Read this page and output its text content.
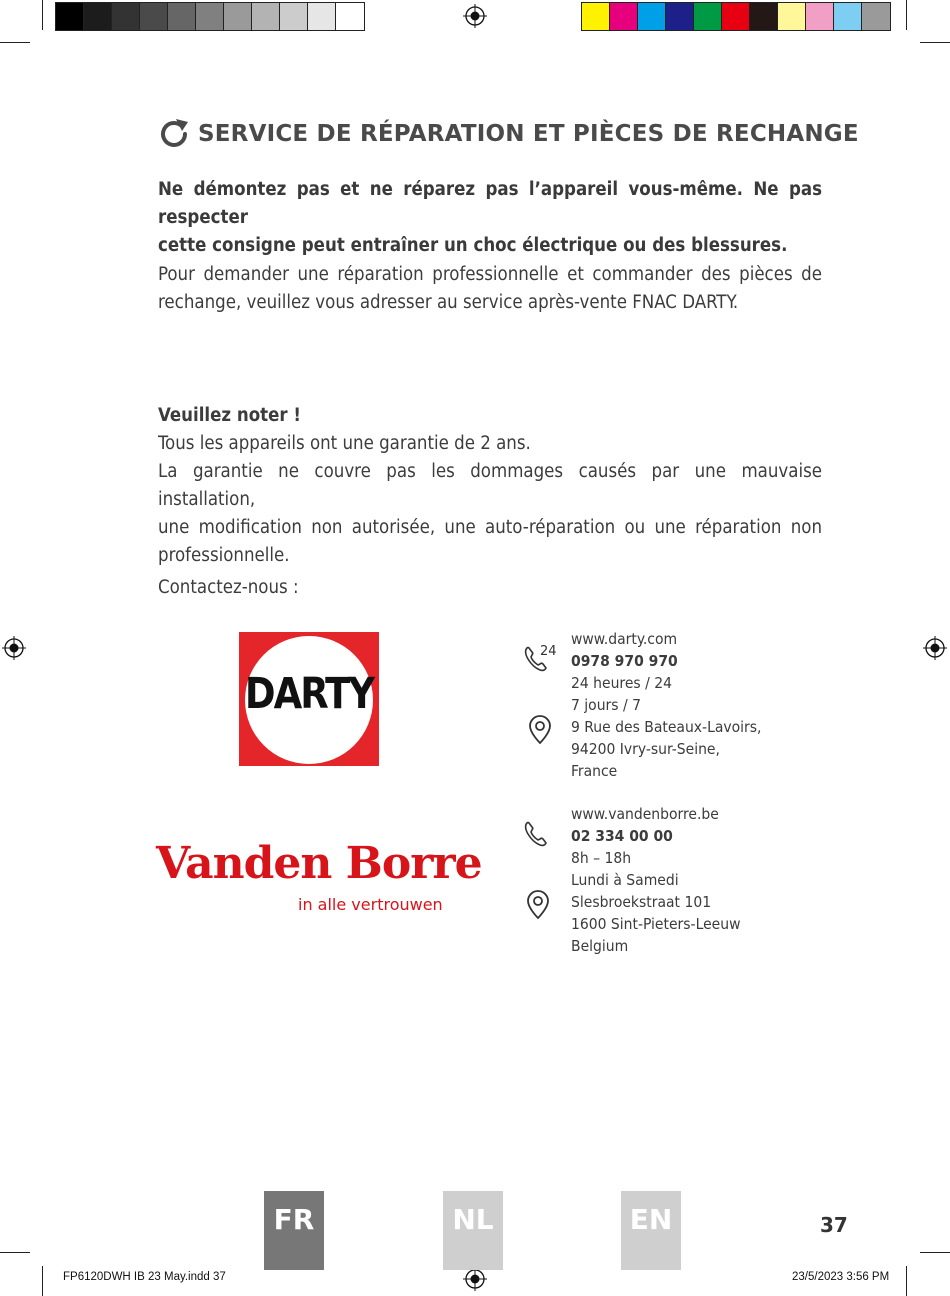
SERVICE DE RÉPARATION ET PIÈCES DE RECHANGE
Ne démontez pas et ne réparez pas l’appareil vous-même. Ne pas respecter
cette consigne peut entraîner un choc électrique ou des blessures.
Pour demander une réparation professionnelle et commander des pièces de
rechange, veuillez vous adresser au service après-vente FNAC DARTY.
Veuillez noter !
Tous les appareils ont une garantie de 2 ans.
La garantie ne couvre pas les dommages causés par une mauvaise installation,
une modification non autorisée, une auto-réparation ou une réparation non
professionnelle.
Contactez-nous :
DARTY
24
www.darty.com
0978 970 970
24 heures / 24
7 jours / 7
9 Rue des Bateaux-Lavoirs,
94200 Ivry-sur-Seine,
France
Vanden Borre
in alle vertrouwen
www.vandenborre.be
02 334 00 00
8h – 18h
Lundi à Samedi
Slesbroekstraat 101
1600 Sint-Pieters-Leeuw
Belgium
FR	NL	EN	37
FP6120DWH IB 23 May.indd 37	23/5/2023 3:56 PM
